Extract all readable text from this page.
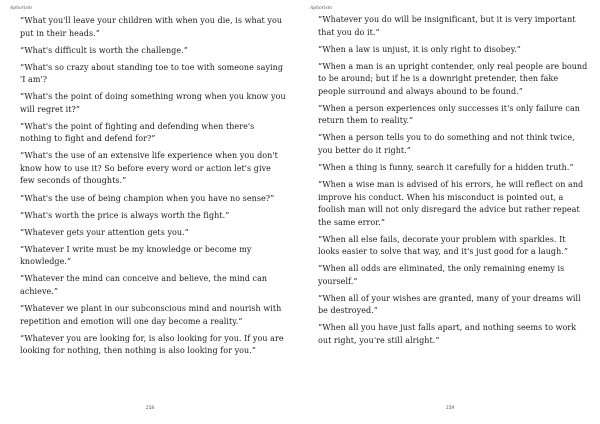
Aphorism

“What you'll leave your children with when you die, is what you put in their heads.”

“What's difficult is worth the challenge.”

“What's so crazy about standing toe to toe with someone saying 'I am'?

“What's the point of doing something wrong when you know you will regret it?”

“What's the point of fighting and defending when there's nothing to fight and defend for?”

“What's the use of an extensive life experience when you don't know how to use it? So before every word or action let's give few seconds of thoughts.”

“What's the use of being champion when you have no sense?”

“What's worth the price is always worth the fight.”

“Whatever gets your attention gets you.”

“Whatever I write must be my knowledge or become my knowledge.”

“Whatever the mind can conceive and believe, the mind can achieve.”

“Whatever we plant in our subconscious mind and nourish with repetition and emotion will one day become a reality.”

“Whatever you are looking for, is also looking for you. If you are looking for nothing, then nothing is also looking for you.”

258
Aphorism

“Whatever you do will be insignificant, but it is very important that you do it.”

“When a law is unjust, it is only right to disobey.”

“When a man is an upright contender, only real people are bound to be around; but if he is a downright pretender, then fake people surround and always abound to be found.”

“When a person experiences only successes it's only failure can return them to reality.”

“When a person tells you to do something and not think twice, you better do it right.”

“When a thing is funny, search it carefully for a hidden truth.”

“When a wise man is advised of his errors, he will reflect on and improve his conduct. When his misconduct is pointed out, a foolish man will not only disregard the advice but rather repeat the same error.”

“When all else fails, decorate your problem with sparkles. It looks easier to solve that way, and it's just good for a laugh.”

“When all odds are eliminated, the only remaining enemy is yourself.”

“When all of your wishes are granted, many of your dreams will be destroyed.”

“When all you have just falls apart, and nothing seems to work out right, you're still alright.”

259
